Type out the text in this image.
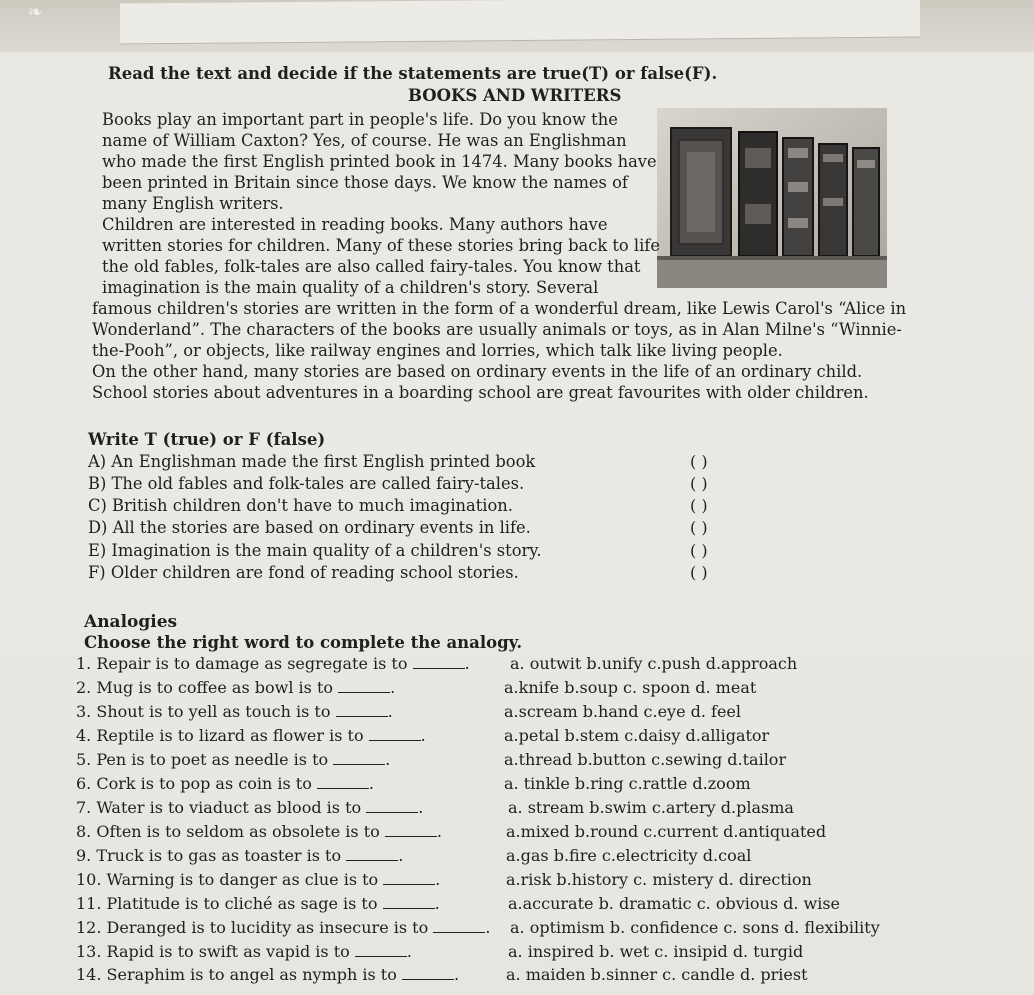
❧
Read the text and decide if the statements are true(T) or false(F).
BOOKS AND WRITERS
Books play an important part in people's life. Do you know the
name of William Caxton? Yes, of course. He was an Englishman
who made the first English printed book in 1474. Many books have
been printed in Britain since those days. We know the names of
many English writers.
Children are interested in reading books. Many authors have
written stories for children. Many of these stories bring back to life
the old fables, folk-tales are also called fairy-tales. You know that
imagination is the main quality of a children's story. Several
famous children's stories are written in the form of a wonderful dream, like Lewis Carol's “Alice in
Wonderland”. The characters of the books are usually animals or toys, as in Alan Milne's “Winnie-
the-Pooh”, or objects, like railway engines and lorries, which talk like living people.
On the other hand, many stories are based on ordinary events in the life of an ordinary child.
School stories about adventures in a boarding school are great favourites with older children.
Write T (true) or F (false)
A) An Englishman made the first English printed book	( )
B) The old fables and folk-tales are called fairy-tales.	( )
C) British children don't have to much imagination.	( )
D) All the stories are based on ordinary events in life.	( )
E) Imagination is the main quality of a children's story.	( )
F) Older children are fond of reading school stories.	( )
Analogies
Choose the right word to complete the analogy.
1. Repair is to damage as segregate is to	.	a. outwit b.unify c.push d.approach
2. Mug is to coffee as bowl is to	.	a.knife b.soup c. spoon d. meat
3. Shout is to yell as touch is to	.	a.scream b.hand c.eye d. feel
4. Reptile is to lizard as flower is to	.	a.petal b.stem c.daisy d.alligator
5. Pen is to poet as needle is to	.	a.thread b.button c.sewing d.tailor
6. Cork is to pop as coin is to	.	a. tinkle b.ring c.rattle d.zoom
7. Water is to viaduct as blood is to	.	a. stream b.swim c.artery d.plasma
8. Often is to seldom as obsolete is to	.	a.mixed b.round c.current d.antiquated
9. Truck is to gas as toaster is to	.	a.gas b.fire c.electricity d.coal
10. Warning is to danger as clue is to	.	a.risk b.history c. mistery d. direction
11. Platitude is to cliché as sage is to	.	a.accurate b. dramatic c. obvious d. wise
12. Deranged is to lucidity as insecure is to	. a. optimism b. confidence c. sons d. flexibility
13. Rapid is to swift as vapid is to	.	a. inspired b. wet c. insipid d. turgid
14. Seraphim is to angel as nymph is to	.	a. maiden b.sinner c. candle d. priest
